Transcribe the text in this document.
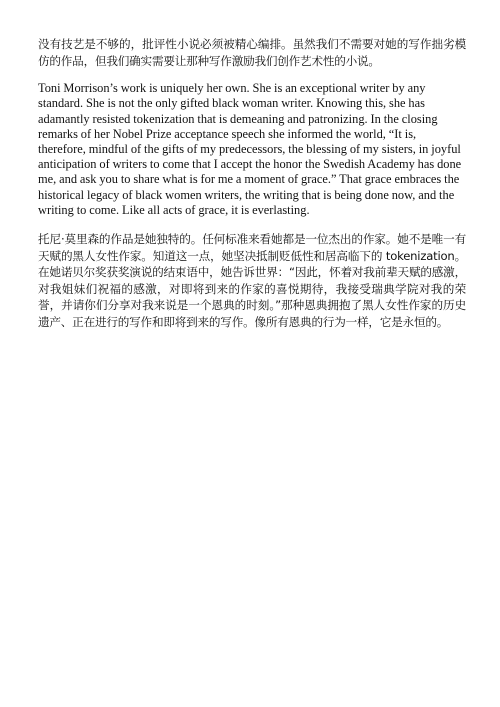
没有技艺是不够的，批评性小说必须被精心编排。虽然我们不需要对她的写作拙劣模仿的作品，但我们确实需要让那种写作激励我们创作艺术性的小说。

Toni Morrison’s work is uniquely her own. She is an exceptional writer by any standard. She is not the only gifted black woman writer. Knowing this, she has adamantly resisted tokenization that is demeaning and patronizing. In the closing remarks of her Nobel Prize acceptance speech she informed the world, “It is, therefore, mindful of the gifts of my predecessors, the blessing of my sisters, in joyful anticipation of writers to come that I accept the honor the Swedish Academy has done me, and ask you to share what is for me a moment of grace.” That grace embraces the historical legacy of black women writers, the writing that is being done now, and the writing to come. Like all acts of grace, it is everlasting.

托尼·莫里森的作品是她独特的。任何标准来看她都是一位杰出的作家。她不是唯一有天赋的黑人女性作家。知道这一点，她坚决抵制贬低性和居高临下的 tokenization。在她诺贝尔奖获奖演说的结束语中，她告诉世界：“因此，怀着对我前辈天赋的感激，对我姐妹们祝福的感激，对即将到来的作家的喜悦期待，我接受瑞典学院对我的荣誉，并请你们分享对我来说是一个恩典的时刻。”那种恩典拥抱了黑人女性作家的历史遗产、正在进行的写作和即将到来的写作。像所有恩典的行为一样，它是永恒的。
